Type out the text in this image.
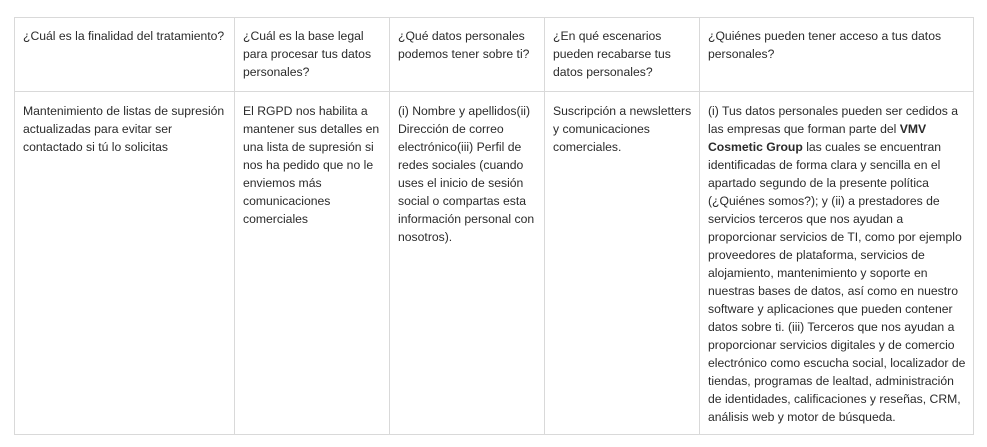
¿Cuál es la finalidad del tratamiento?	¿Cuál es la base legal para procesar tus datos personales?	¿Qué datos personales podemos tener sobre ti?	¿En qué escenarios pueden recabarse tus datos personales?	¿Quiénes pueden tener acceso a tus datos personales?
Mantenimiento de listas de supresión actualizadas para evitar ser contactado si tú lo solicitas	El RGPD nos habilita a mantener sus detalles en una lista de supresión si nos ha pedido que no le enviemos más comunicaciones comerciales	(i) Nombre y apellidos(ii) Dirección de correo electrónico(iii) Perfil de redes sociales (cuando uses el inicio de sesión social o compartas esta información personal con nosotros).	Suscripción a newsletters y comunicaciones comerciales.	(i) Tus datos personales pueden ser cedidos a las empresas que forman parte del VMV Cosmetic Group las cuales se encuentran identificadas de forma clara y sencilla en el apartado segundo de la presente política (¿Quiénes somos?); y (ii) a prestadores de servicios terceros que nos ayudan a proporcionar servicios de TI, como por ejemplo proveedores de plataforma, servicios de alojamiento, mantenimiento y soporte en nuestras bases de datos, así como en nuestro software y aplicaciones que pueden contener datos sobre ti. (iii) Terceros que nos ayudan a proporcionar servicios digitales y de comercio electrónico como escucha social, localizador de tiendas, programas de lealtad, administración de identidades, calificaciones y reseñas, CRM, análisis web y motor de búsqueda.
